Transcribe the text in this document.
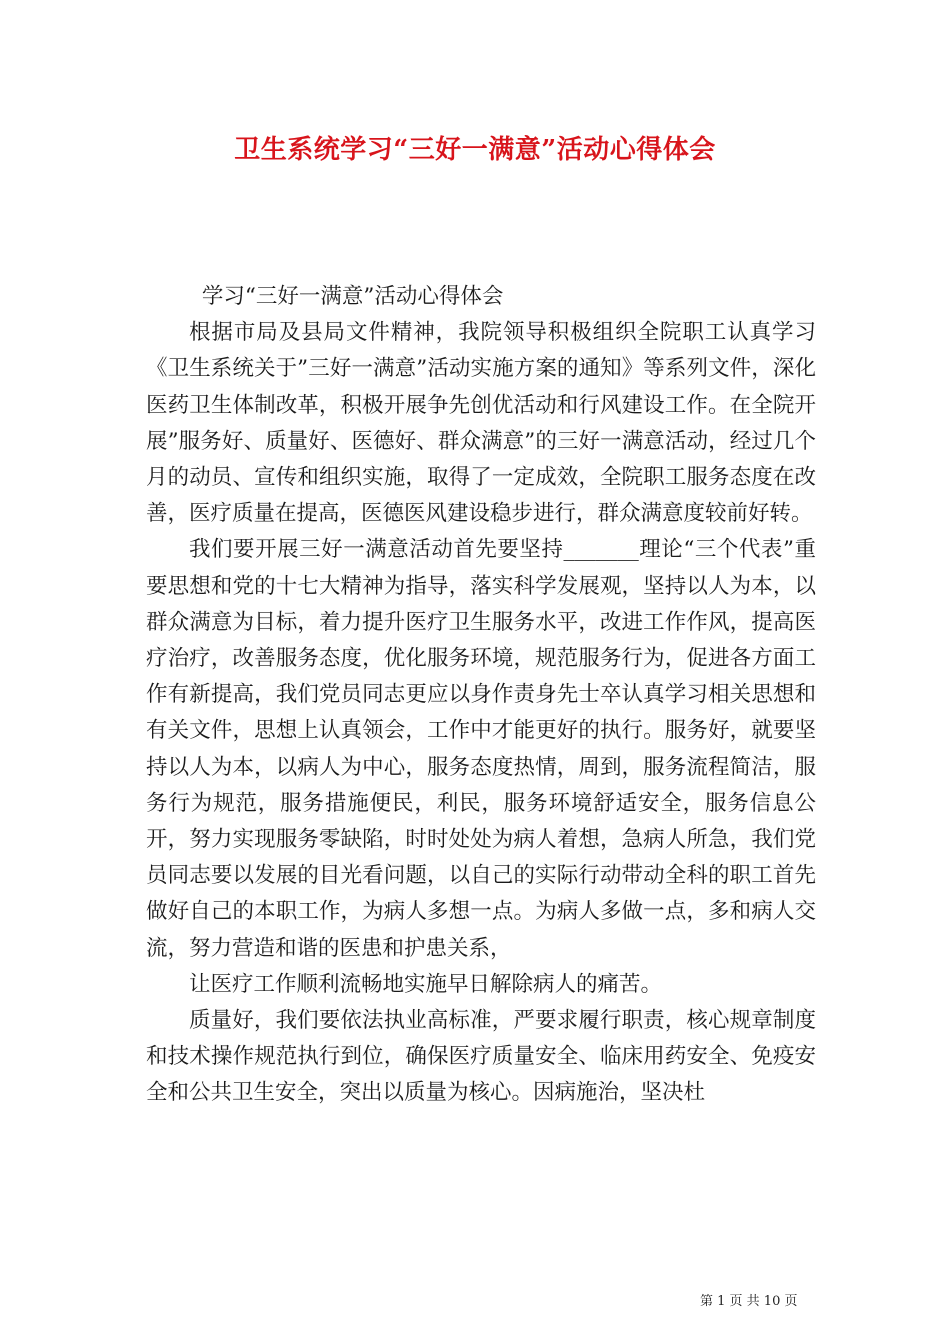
卫生系统学习“三好一满意”活动心得体会

学习“三好一满意”活动心得体会

根据市局及县局文件精神，我院领导积极组织全院职工认真学习《卫生系统关于”三好一满意”活动实施方案的通知》等系列文件，深化医药卫生体制改革，积极开展争先创优活动和行风建设工作。在全院开展”服务好、质量好、医德好、群众满意”的三好一满意活动，经过几个月的动员、宣传和组织实施，取得了一定成效，全院职工服务态度在改善，医疗质量在提高，医德医风建设稳步进行，群众满意度较前好转。

我们要开展三好一满意活动首先要坚持_______理论“三个代表”重要思想和党的十七大精神为指导，落实科学发展观，坚持以人为本，以群众满意为目标，着力提升医疗卫生服务水平，改进工作作风，提高医疗治疗，改善服务态度，优化服务环境，规范服务行为，促进各方面工作有新提高，我们党员同志更应以身作责身先士卒认真学习相关思想和有关文件，思想上认真领会，工作中才能更好的执行。服务好，就要坚持以人为本，以病人为中心，服务态度热情，周到，服务流程简洁，服务行为规范，服务措施便民，利民，服务环境舒适安全，服务信息公开，努力实现服务零缺陷，时时处处为病人着想，急病人所急，我们党员同志要以发展的目光看问题，以自己的实际行动带动全科的职工首先做好自己的本职工作，为病人多想一点。为病人多做一点，多和病人交流，努力营造和谐的医患和护患关系，

让医疗工作顺利流畅地实施早日解除病人的痛苦。

质量好，我们要依法执业高标准，严要求履行职责，核心规章制度和技术操作规范执行到位，确保医疗质量安全、临床用药安全、免疫安全和公共卫生安全，突出以质量为核心。因病施治，坚决杜

第 1 页 共 10 页
